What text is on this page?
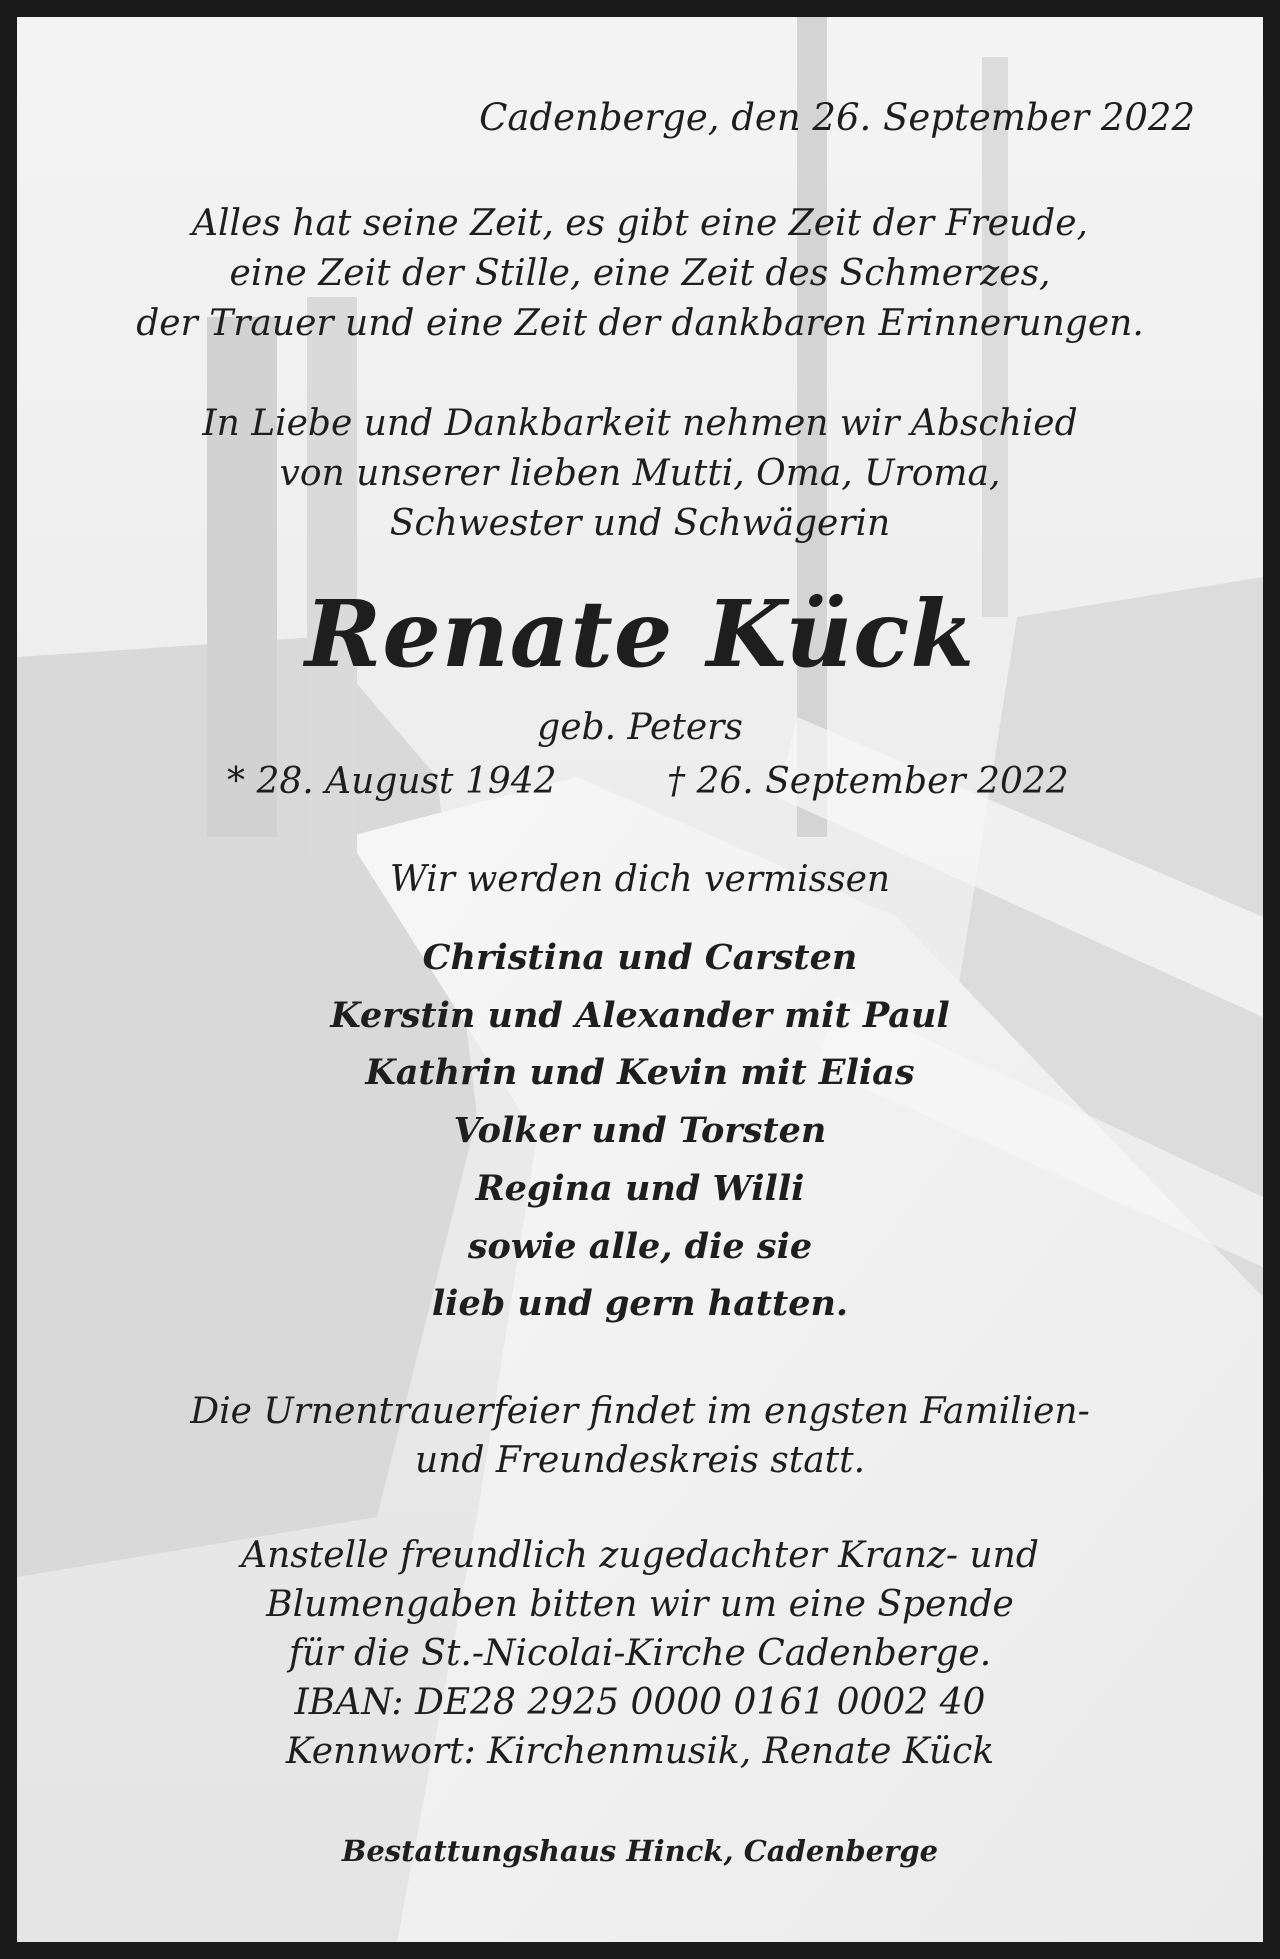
Cadenberge, den 26. September 2022
Alles hat seine Zeit, es gibt eine Zeit der Freude,
eine Zeit der Stille, eine Zeit des Schmerzes,
der Trauer und eine Zeit der dankbaren Erinnerungen.
In Liebe und Dankbarkeit nehmen wir Abschied
von unserer lieben Mutti, Oma, Uroma,
Schwester und Schwägerin
Renate Kück
geb. Peters
* 28. August 1942	† 26. September 2022
Wir werden dich vermissen
Christina und Carsten
Kerstin und Alexander mit Paul
Kathrin und Kevin mit Elias
Volker und Torsten
Regina und Willi
sowie alle, die sie
lieb und gern hatten.
Die Urnentrauerfeier findet im engsten Familien-
und Freundeskreis statt.
Anstelle freundlich zugedachter Kranz- und
Blumengaben bitten wir um eine Spende
für die St.-Nicolai-Kirche Cadenberge.
IBAN: DE28 2925 0000 0161 0002 40
Kennwort: Kirchenmusik, Renate Kück
Bestattungshaus Hinck, Cadenberge
